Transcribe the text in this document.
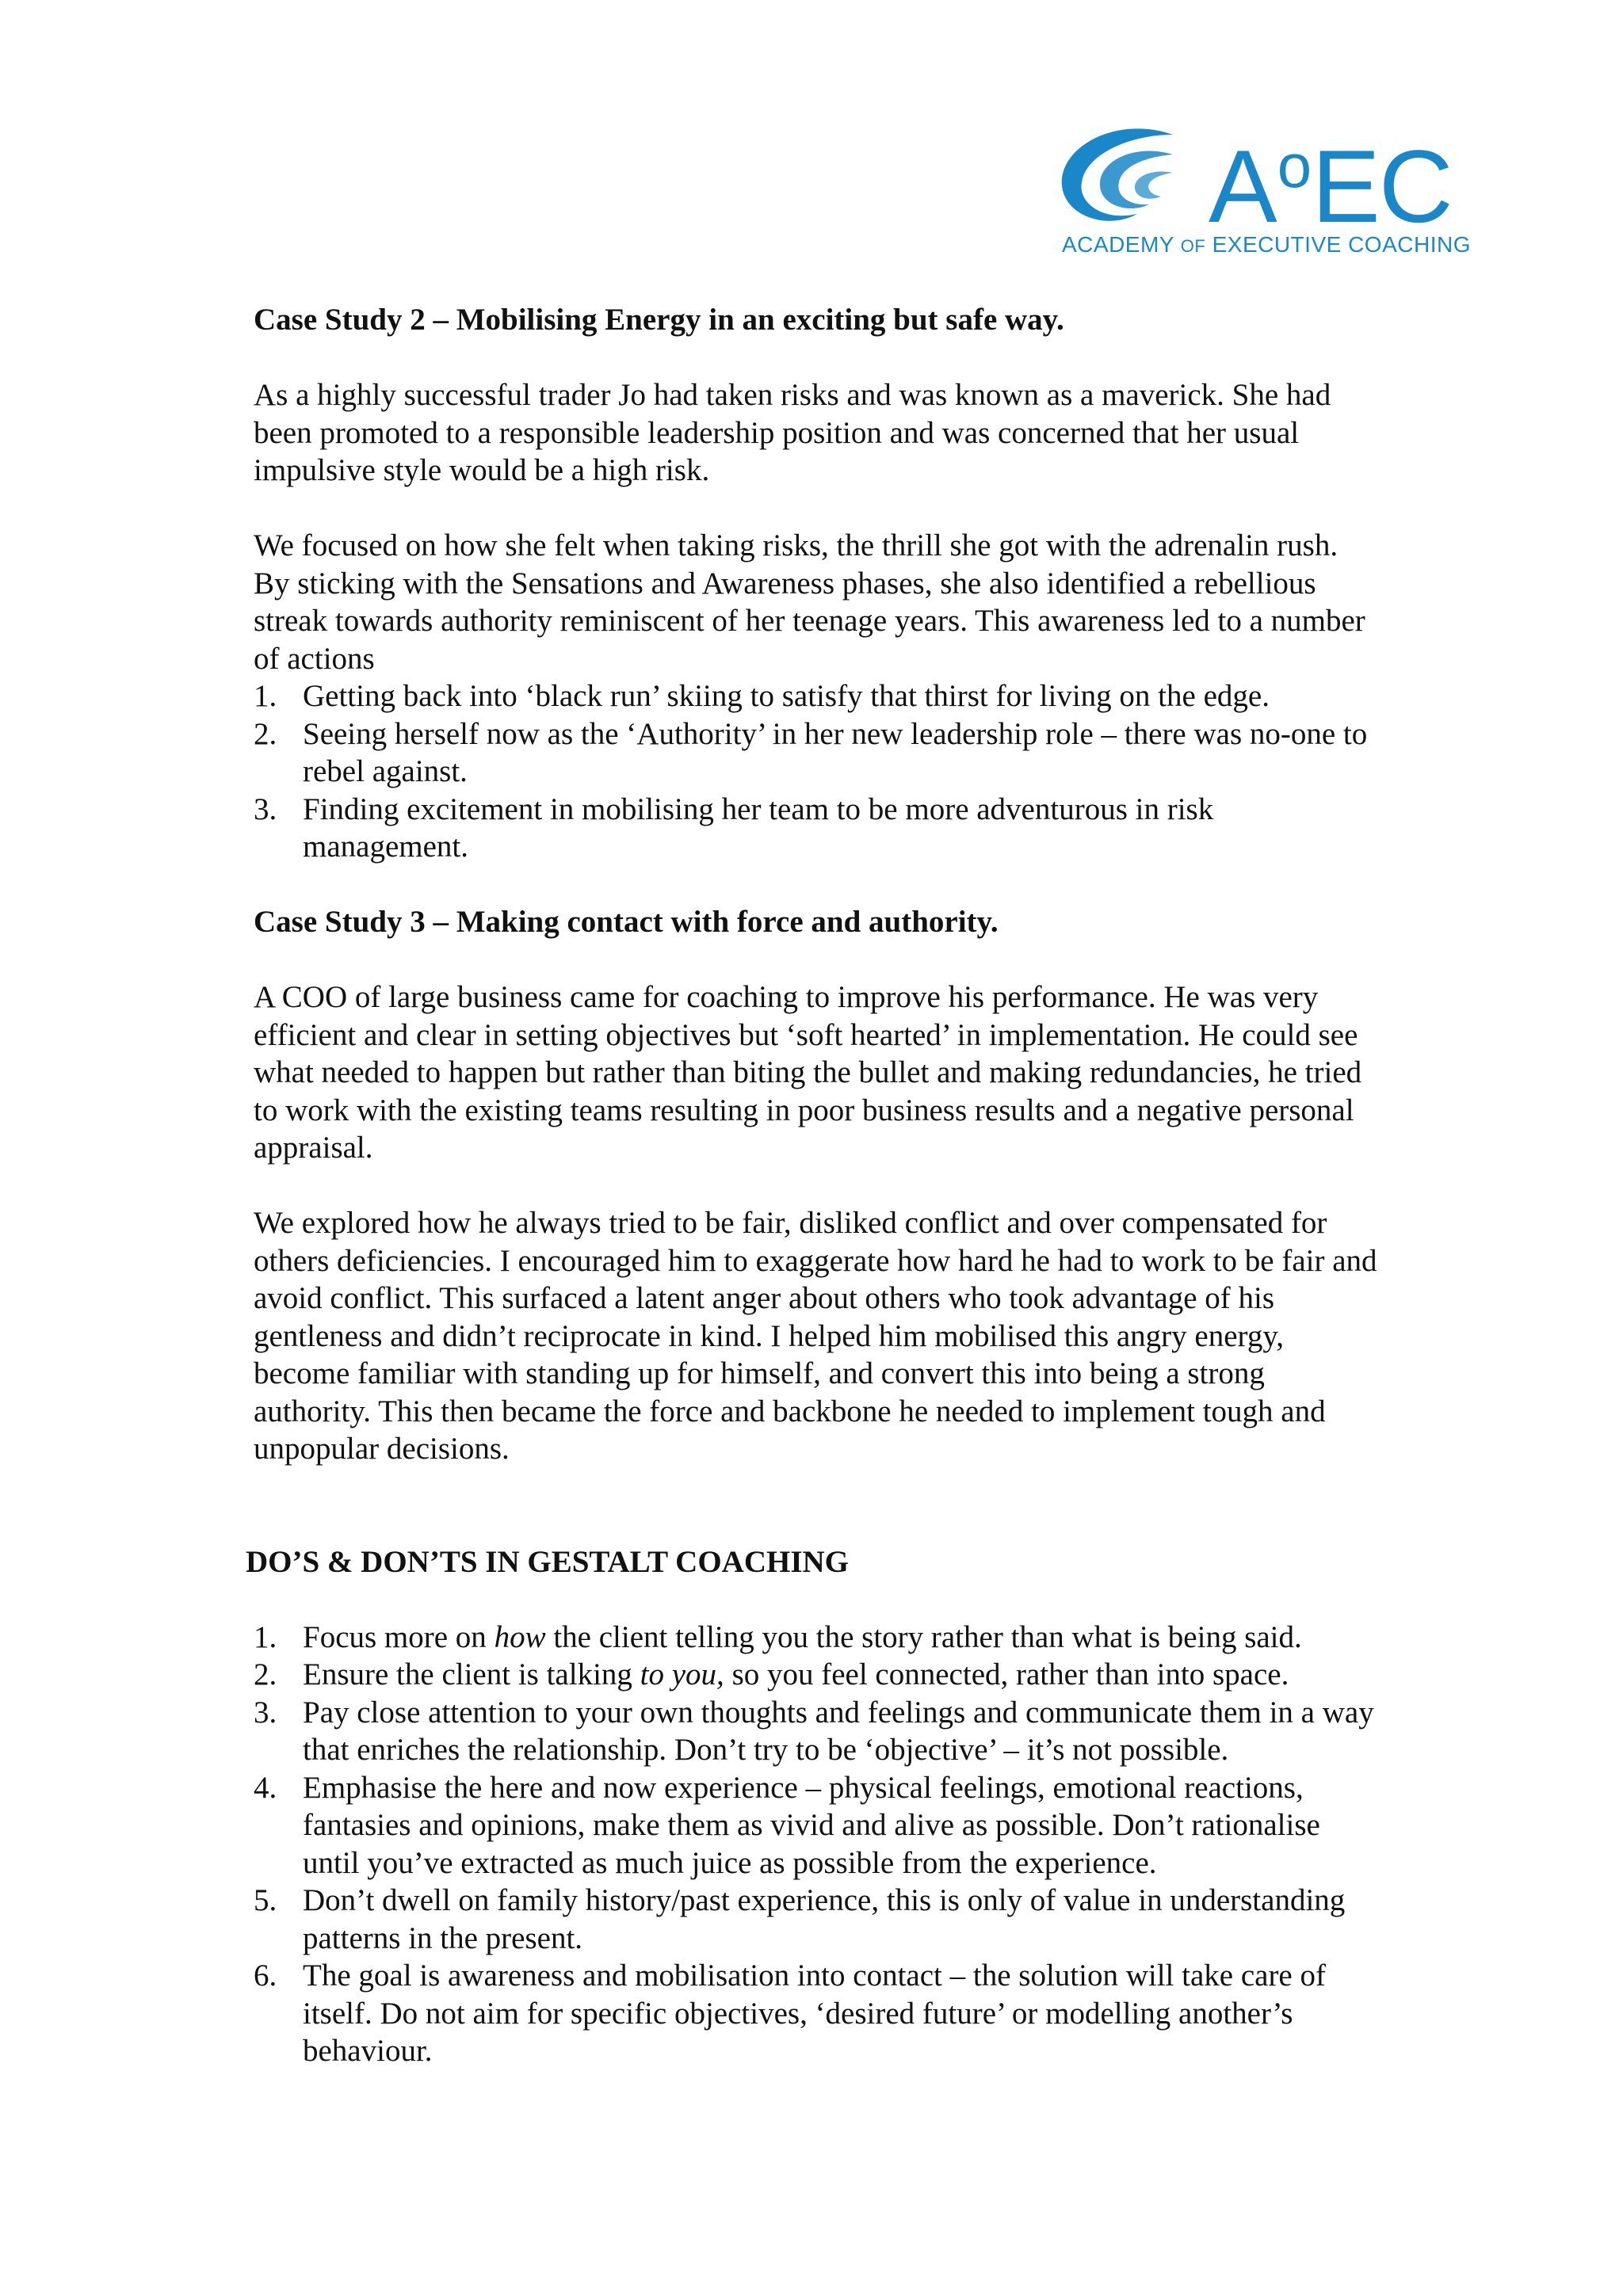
$A^oEC$
ACADEMY OF EXECUTIVE COACHING

Case Study 2 – Mobilising Energy in an exciting but safe way.

As a highly successful trader Jo had taken risks and was known as a maverick. She had been promoted to a responsible leadership position and was concerned that her usual impulsive style would be a high risk.

We focused on how she felt when taking risks, the thrill she got with the adrenalin rush. By sticking with the Sensations and Awareness phases, she also identified a rebellious streak towards authority reminiscent of her teenage years. This awareness led to a number of actions

1. Getting back into ‘black run’ skiing to satisfy that thirst for living on the edge.
2. Seeing herself now as the ‘Authority’ in her new leadership role – there was no-one to rebel against.
3. Finding excitement in mobilising her team to be more adventurous in risk management.

Case Study 3 – Making contact with force and authority.

A COO of large business came for coaching to improve his performance. He was very efficient and clear in setting objectives but ‘soft hearted’ in implementation. He could see what needed to happen but rather than biting the bullet and making redundancies, he tried to work with the existing teams resulting in poor business results and a negative personal appraisal.

We explored how he always tried to be fair, disliked conflict and over compensated for others deficiencies. I encouraged him to exaggerate how hard he had to work to be fair and avoid conflict. This surfaced a latent anger about others who took advantage of his gentleness and didn’t reciprocate in kind. I helped him mobilised this angry energy, become familiar with standing up for himself, and convert this into being a strong authority. This then became the force and backbone he needed to implement tough and unpopular decisions.

DO’S & DON’TS IN GESTALT COACHING

1. Focus more on how the client telling you the story rather than what is being said.
2. Ensure the client is talking to you, so you feel connected, rather than into space.
3. Pay close attention to your own thoughts and feelings and communicate them in a way that enriches the relationship. Don’t try to be ‘objective’ – it’s not possible.
4. Emphasise the here and now experience – physical feelings, emotional reactions, fantasies and opinions, make them as vivid and alive as possible. Don’t rationalise until you’ve extracted as much juice as possible from the experience.
5. Don’t dwell on family history/past experience, this is only of value in understanding patterns in the present.
6. The goal is awareness and mobilisation into contact – the solution will take care of itself. Do not aim for specific objectives, ‘desired future’ or modelling another’s behaviour.
